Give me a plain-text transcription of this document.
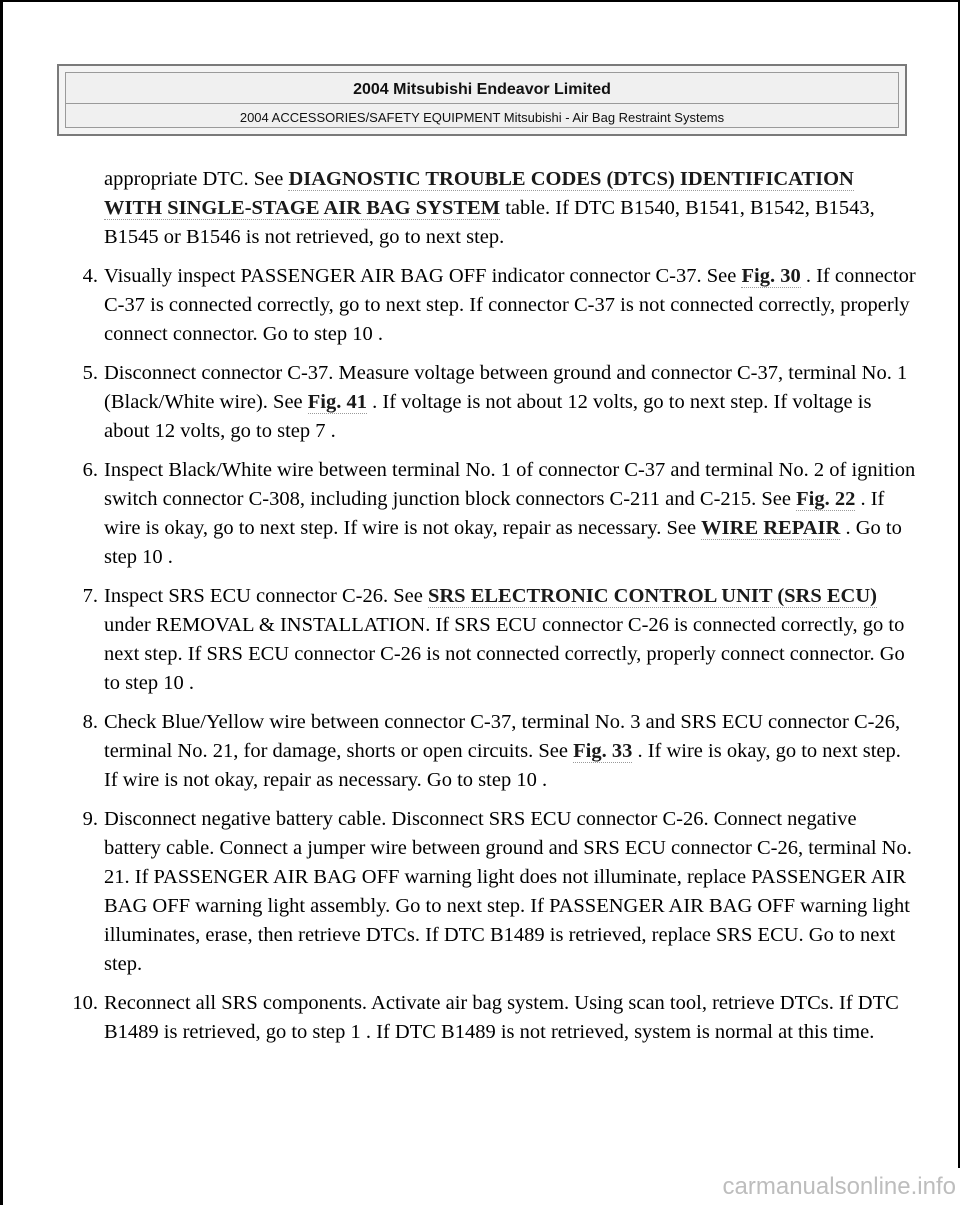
2004 Mitsubishi Endeavor Limited
2004 ACCESSORIES/SAFETY EQUIPMENT Mitsubishi - Air Bag Restraint Systems
appropriate DTC. See DIAGNOSTIC TROUBLE CODES (DTCS) IDENTIFICATION WITH SINGLE-STAGE AIR BAG SYSTEM table. If DTC B1540, B1541, B1542, B1543, B1545 or B1546 is not retrieved, go to next step.
4. Visually inspect PASSENGER AIR BAG OFF indicator connector C-37. See Fig. 30 . If connector C-37 is connected correctly, go to next step. If connector C-37 is not connected correctly, properly connect connector. Go to step 10 .
5. Disconnect connector C-37. Measure voltage between ground and connector C-37, terminal No. 1 (Black/White wire). See Fig. 41 . If voltage is not about 12 volts, go to next step. If voltage is about 12 volts, go to step 7 .
6. Inspect Black/White wire between terminal No. 1 of connector C-37 and terminal No. 2 of ignition switch connector C-308, including junction block connectors C-211 and C-215. See Fig. 22 . If wire is okay, go to next step. If wire is not okay, repair as necessary. See WIRE REPAIR . Go to step 10 .
7. Inspect SRS ECU connector C-26. See SRS ELECTRONIC CONTROL UNIT (SRS ECU) under REMOVAL & INSTALLATION. If SRS ECU connector C-26 is connected correctly, go to next step. If SRS ECU connector C-26 is not connected correctly, properly connect connector. Go to step 10 .
8. Check Blue/Yellow wire between connector C-37, terminal No. 3 and SRS ECU connector C-26, terminal No. 21, for damage, shorts or open circuits. See Fig. 33 . If wire is okay, go to next step. If wire is not okay, repair as necessary. Go to step 10 .
9. Disconnect negative battery cable. Disconnect SRS ECU connector C-26. Connect negative battery cable. Connect a jumper wire between ground and SRS ECU connector C-26, terminal No. 21. If PASSENGER AIR BAG OFF warning light does not illuminate, replace PASSENGER AIR BAG OFF warning light assembly. Go to next step. If PASSENGER AIR BAG OFF warning light illuminates, erase, then retrieve DTCs. If DTC B1489 is retrieved, replace SRS ECU. Go to next step.
10. Reconnect all SRS components. Activate air bag system. Using scan tool, retrieve DTCs. If DTC B1489 is retrieved, go to step 1 . If DTC B1489 is not retrieved, system is normal at this time.
carmanualsonline.info
